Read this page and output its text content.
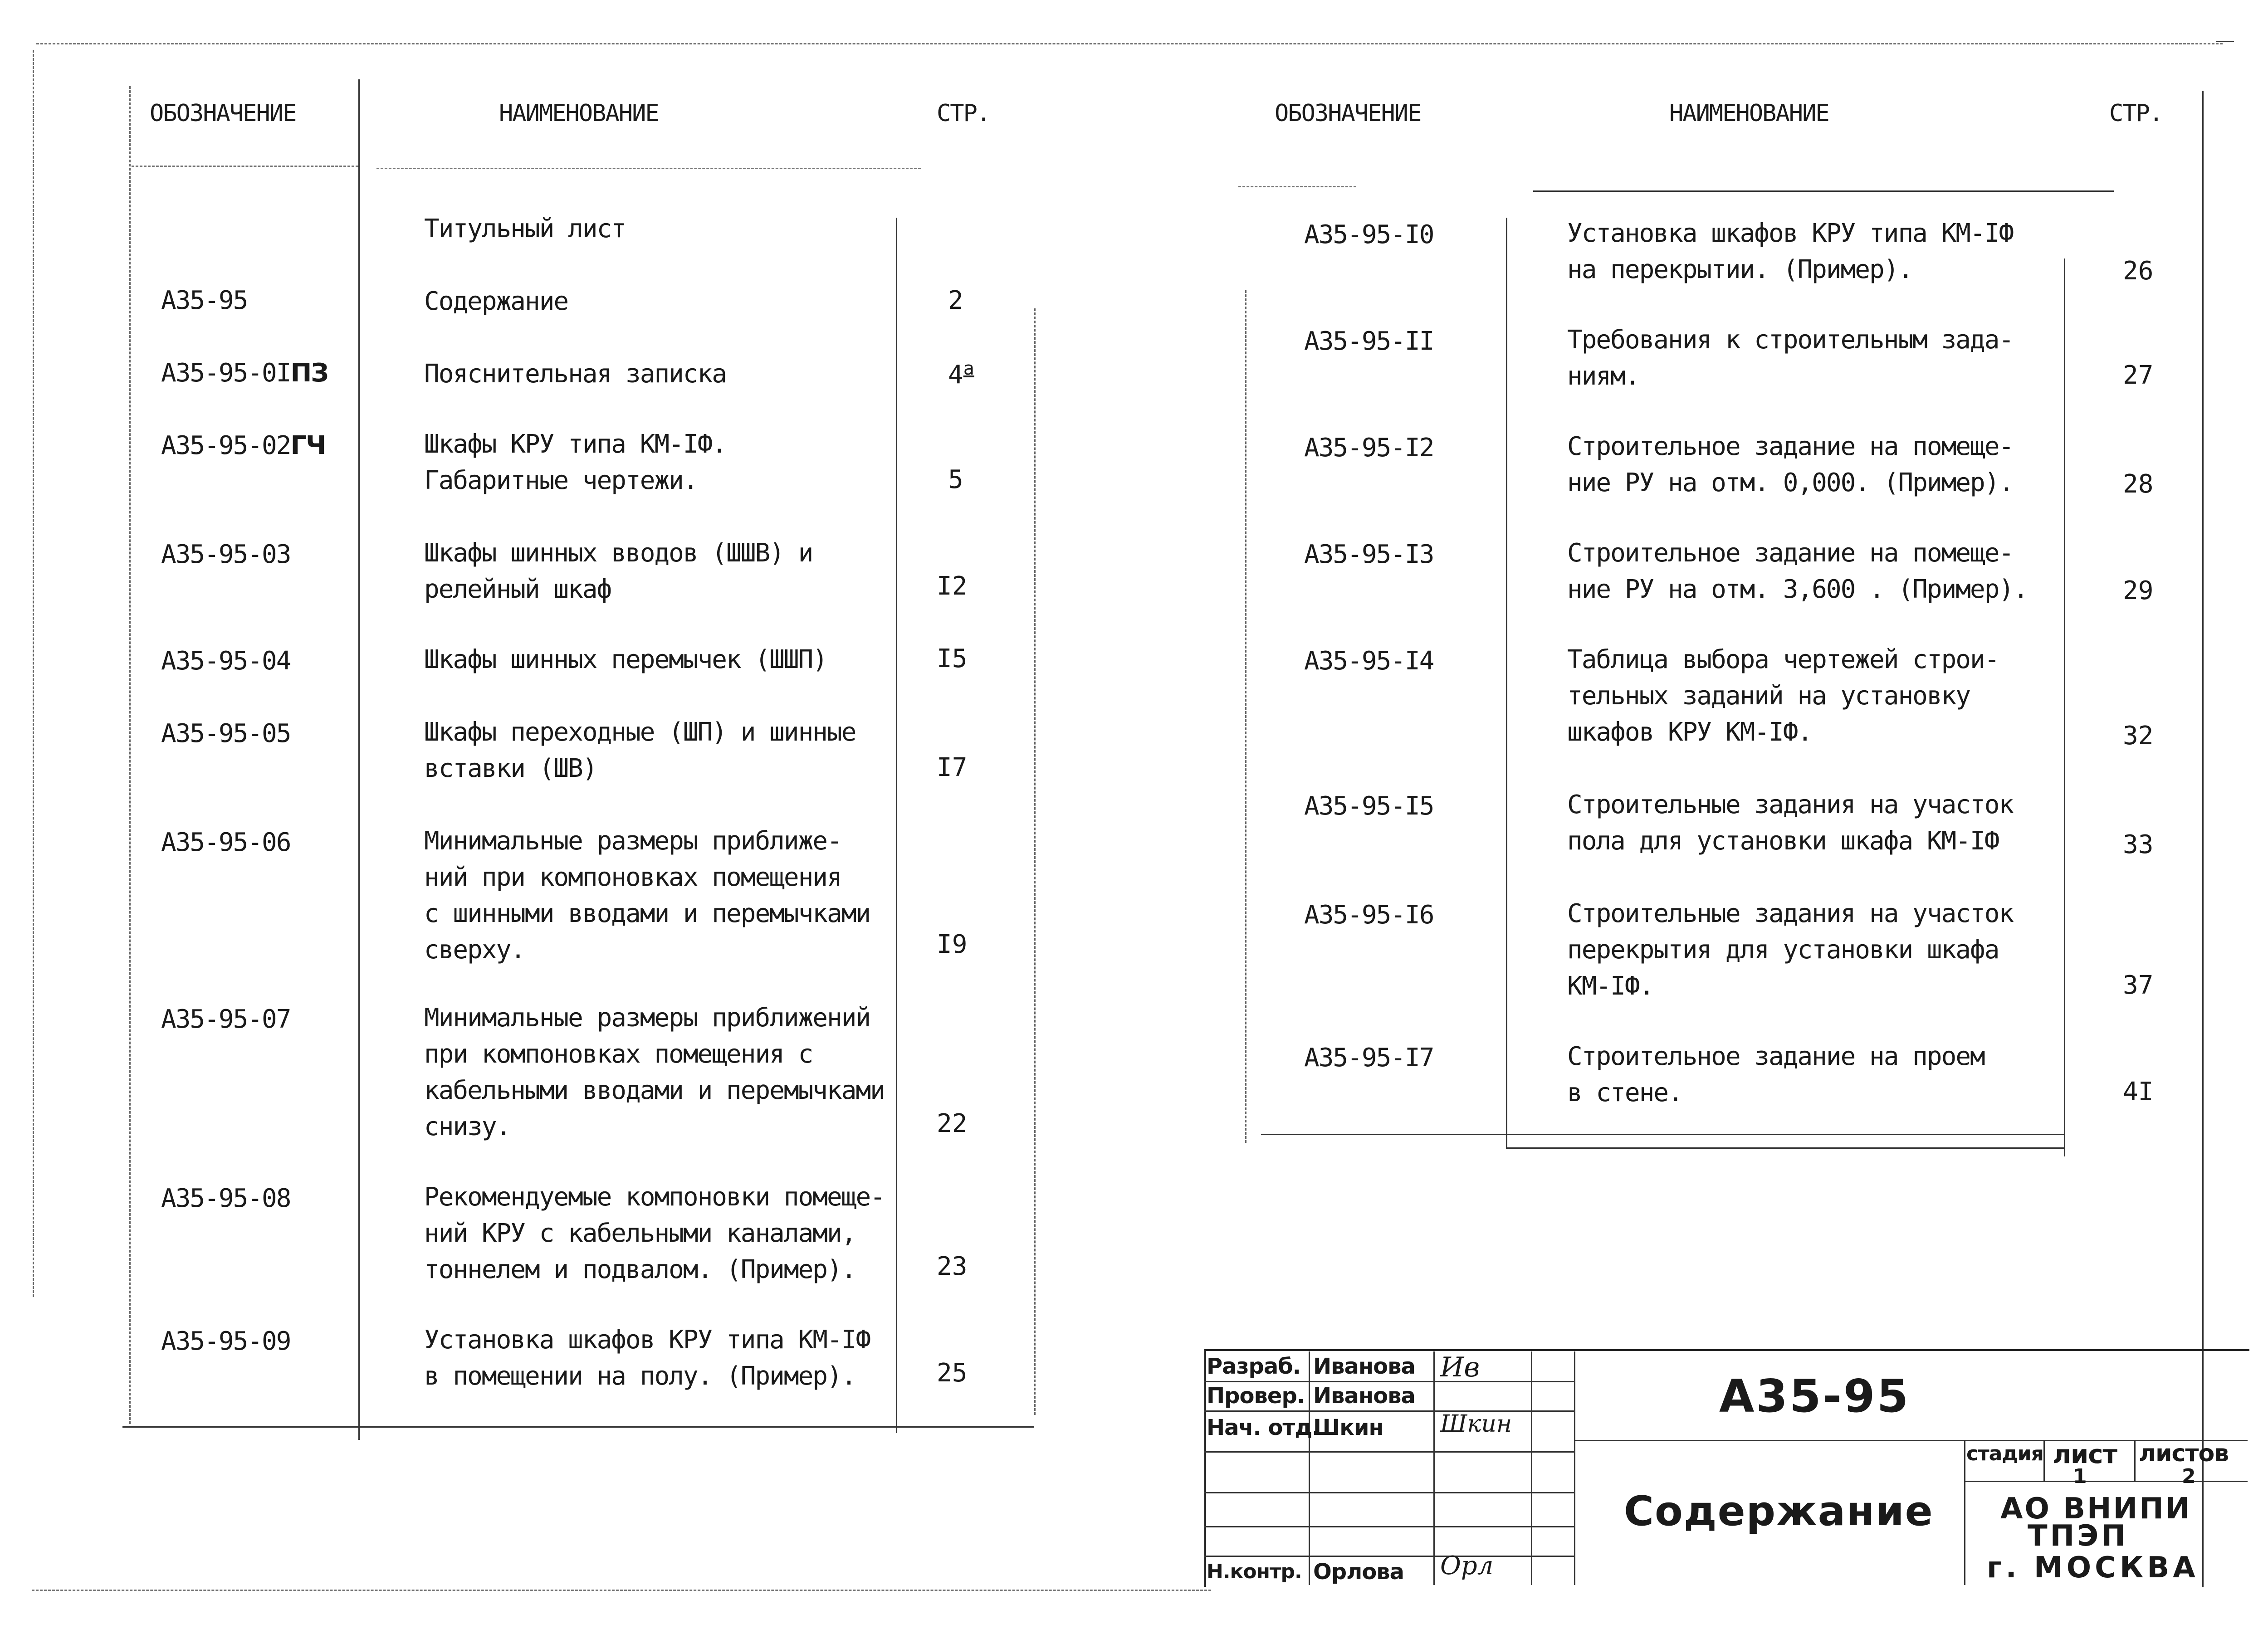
ОБОЗНАЧЕНИЕ	НАИМЕНОВАНИЕ	СТР.
Титульный лист
А35-95	Содержание	2
А35-95-0IПЗ	Пояснительная записка	$4^а$
А35-95-02ГЧ	Шкафы КРУ типа КМ-IФ.
Габаритные чертежи.	5
А35-95-03	Шкафы шинных вводов (ШШВ) и
релейный шкаф	I2
А35-95-04	Шкафы шинных перемычек (ШШП)	I5
А35-95-05	Шкафы переходные (ШП) и шинные
вставки (ШВ)	I7
А35-95-06	Минимальные размеры приближе-
ний при компоновках помещения
с шинными вводами и перемычками
сверху.	I9
А35-95-07	Минимальные размеры приближений
при компоновках помещения с
кабельными вводами и перемычками
снизу.	22
А35-95-08	Рекомендуемые компоновки помеще-
ний КРУ с кабельными каналами,
тоннелем и подвалом. (Пример).	23
А35-95-09	Установка шкафов КРУ типа КМ-IФ
в помещении на полу. (Пример).	25
ОБОЗНАЧЕНИЕ	НАИМЕНОВАНИЕ	СТР.
А35-95-I0	Установка шкафов КРУ типа КМ-IФ
на перекрытии. (Пример).	26
А35-95-II	Требования к строительным зада-
ниям.	27
А35-95-I2	Строительное задание на помеще-
ние РУ на отм. 0,000. (Пример).	28
А35-95-I3	Строительное задание на помеще-
ние РУ на отм. 3,600 . (Пример).	29
А35-95-I4	Таблица выбора чертежей строи-
тельных заданий на установку
шкафов КРУ КМ-IФ.	32
А35-95-I5	Строительные задания на участок
пола для установки шкафа КМ-IФ	33
А35-95-I6	Строительные задания на участок
перекрытия для установки шкафа
КМ-IФ.	37
А35-95-I7	Строительное задание на проем
в стене.	4I
Разраб. Иванова Ив
Провер. Иванова
Нач. отд.
Шкин Шкин
Н.контр. Орлова Орл
А35-95
Содержание
стадия лист листов
1	2
АО ВНИПИ
ТПЭП
г. МОСКВА
